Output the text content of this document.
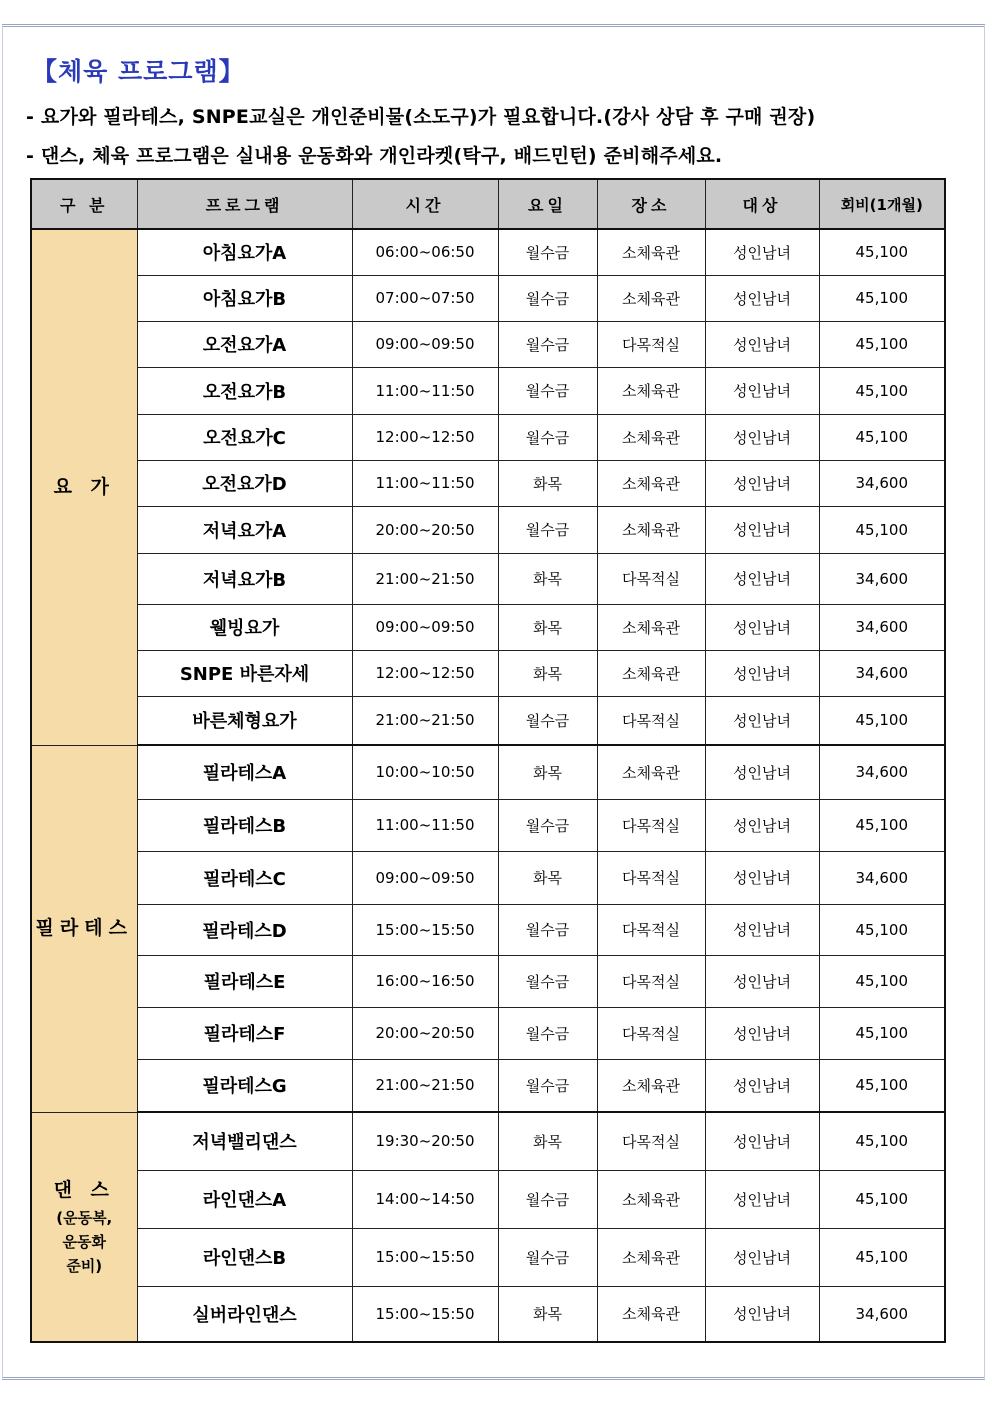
【체육 프로그램】
- 요가와 필라테스, SNPE교실은 개인준비물(소도구)가 필요합니다.(강사 상담 후 구매 권장)
- 댄스, 체육 프로그램은 실내용 운동화와 개인라켓(탁구, 배드민턴) 준비해주세요.
구 분	프로그램	시간	요일	장소	대상	회비(1개월)

요 가	아침요가A	06:00~06:50	월수금	소체육관	성인남녀	45,100
	아침요가B	07:00~07:50	월수금	소체육관	성인남녀	45,100
	오전요가A	09:00~09:50	월수금	다목적실	성인남녀	45,100
	오전요가B	11:00~11:50	월수금	소체육관	성인남녀	45,100
	오전요가C	12:00~12:50	월수금	소체육관	성인남녀	45,100
	오전요가D	11:00~11:50	화목	소체육관	성인남녀	34,600
	저녁요가A	20:00~20:50	월수금	소체육관	성인남녀	45,100
	저녁요가B	21:00~21:50	화목	다목적실	성인남녀	34,600
	웰빙요가	09:00~09:50	화목	소체육관	성인남녀	34,600
	SNPE 바른자세	12:00~12:50	화목	소체육관	성인남녀	34,600
	바른체형요가	21:00~21:50	월수금	다목적실	성인남녀	45,100

필라테스	필라테스A	10:00~10:50	화목	소체육관	성인남녀	34,600
	필라테스B	11:00~11:50	월수금	다목적실	성인남녀	45,100
	필라테스C	09:00~09:50	화목	다목적실	성인남녀	34,600
	필라테스D	15:00~15:50	월수금	다목적실	성인남녀	45,100
	필라테스E	16:00~16:50	월수금	다목적실	성인남녀	45,100
	필라테스F	20:00~20:50	월수금	다목적실	성인남녀	45,100
	필라테스G	21:00~21:50	월수금	소체육관	성인남녀	45,100

댄 스
(운동복,
운동화
준비)	저녁밸리댄스	19:30~20:50	화목	다목적실	성인남녀	45,100
	라인댄스A	14:00~14:50	월수금	소체육관	성인남녀	45,100
	라인댄스B	15:00~15:50	월수금	소체육관	성인남녀	45,100
	실버라인댄스	15:00~15:50	화목	소체육관	성인남녀	34,600
